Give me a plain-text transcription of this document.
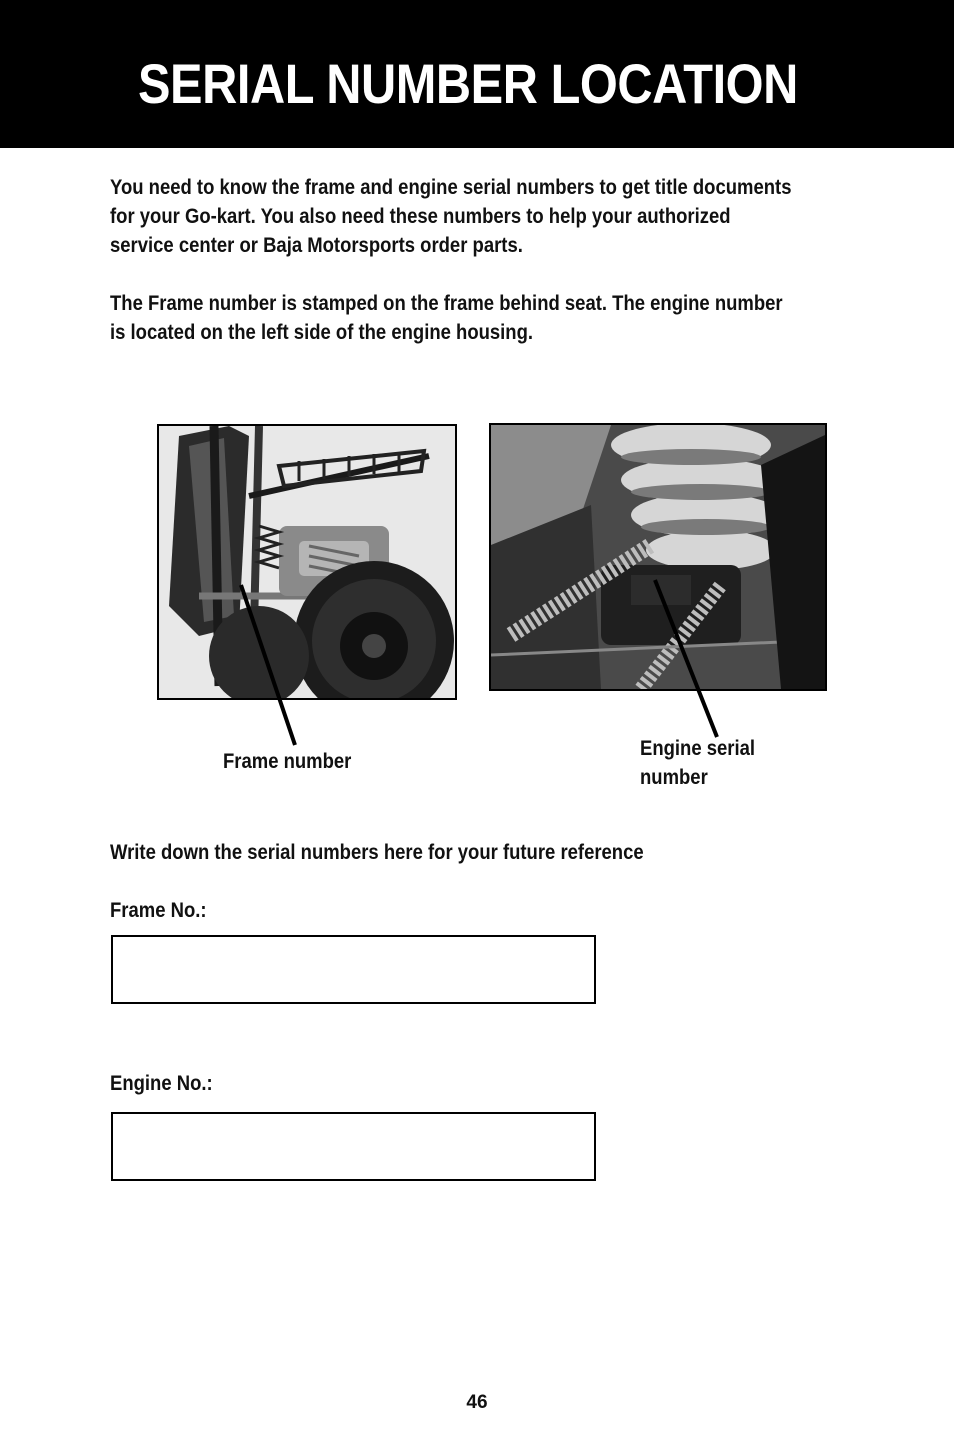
SERIAL NUMBER LOCATION

You need to know the frame and engine serial numbers to get title documents
for your Go-kart. You also need these numbers to help your authorized
service center or Baja Motorsports order parts.

The Frame number is stamped on the frame behind seat. The engine number
is located on the left side of the engine housing.

Frame number

Engine serial
number

Write down the serial numbers here for your future reference

Frame No.:

Engine No.:

46
